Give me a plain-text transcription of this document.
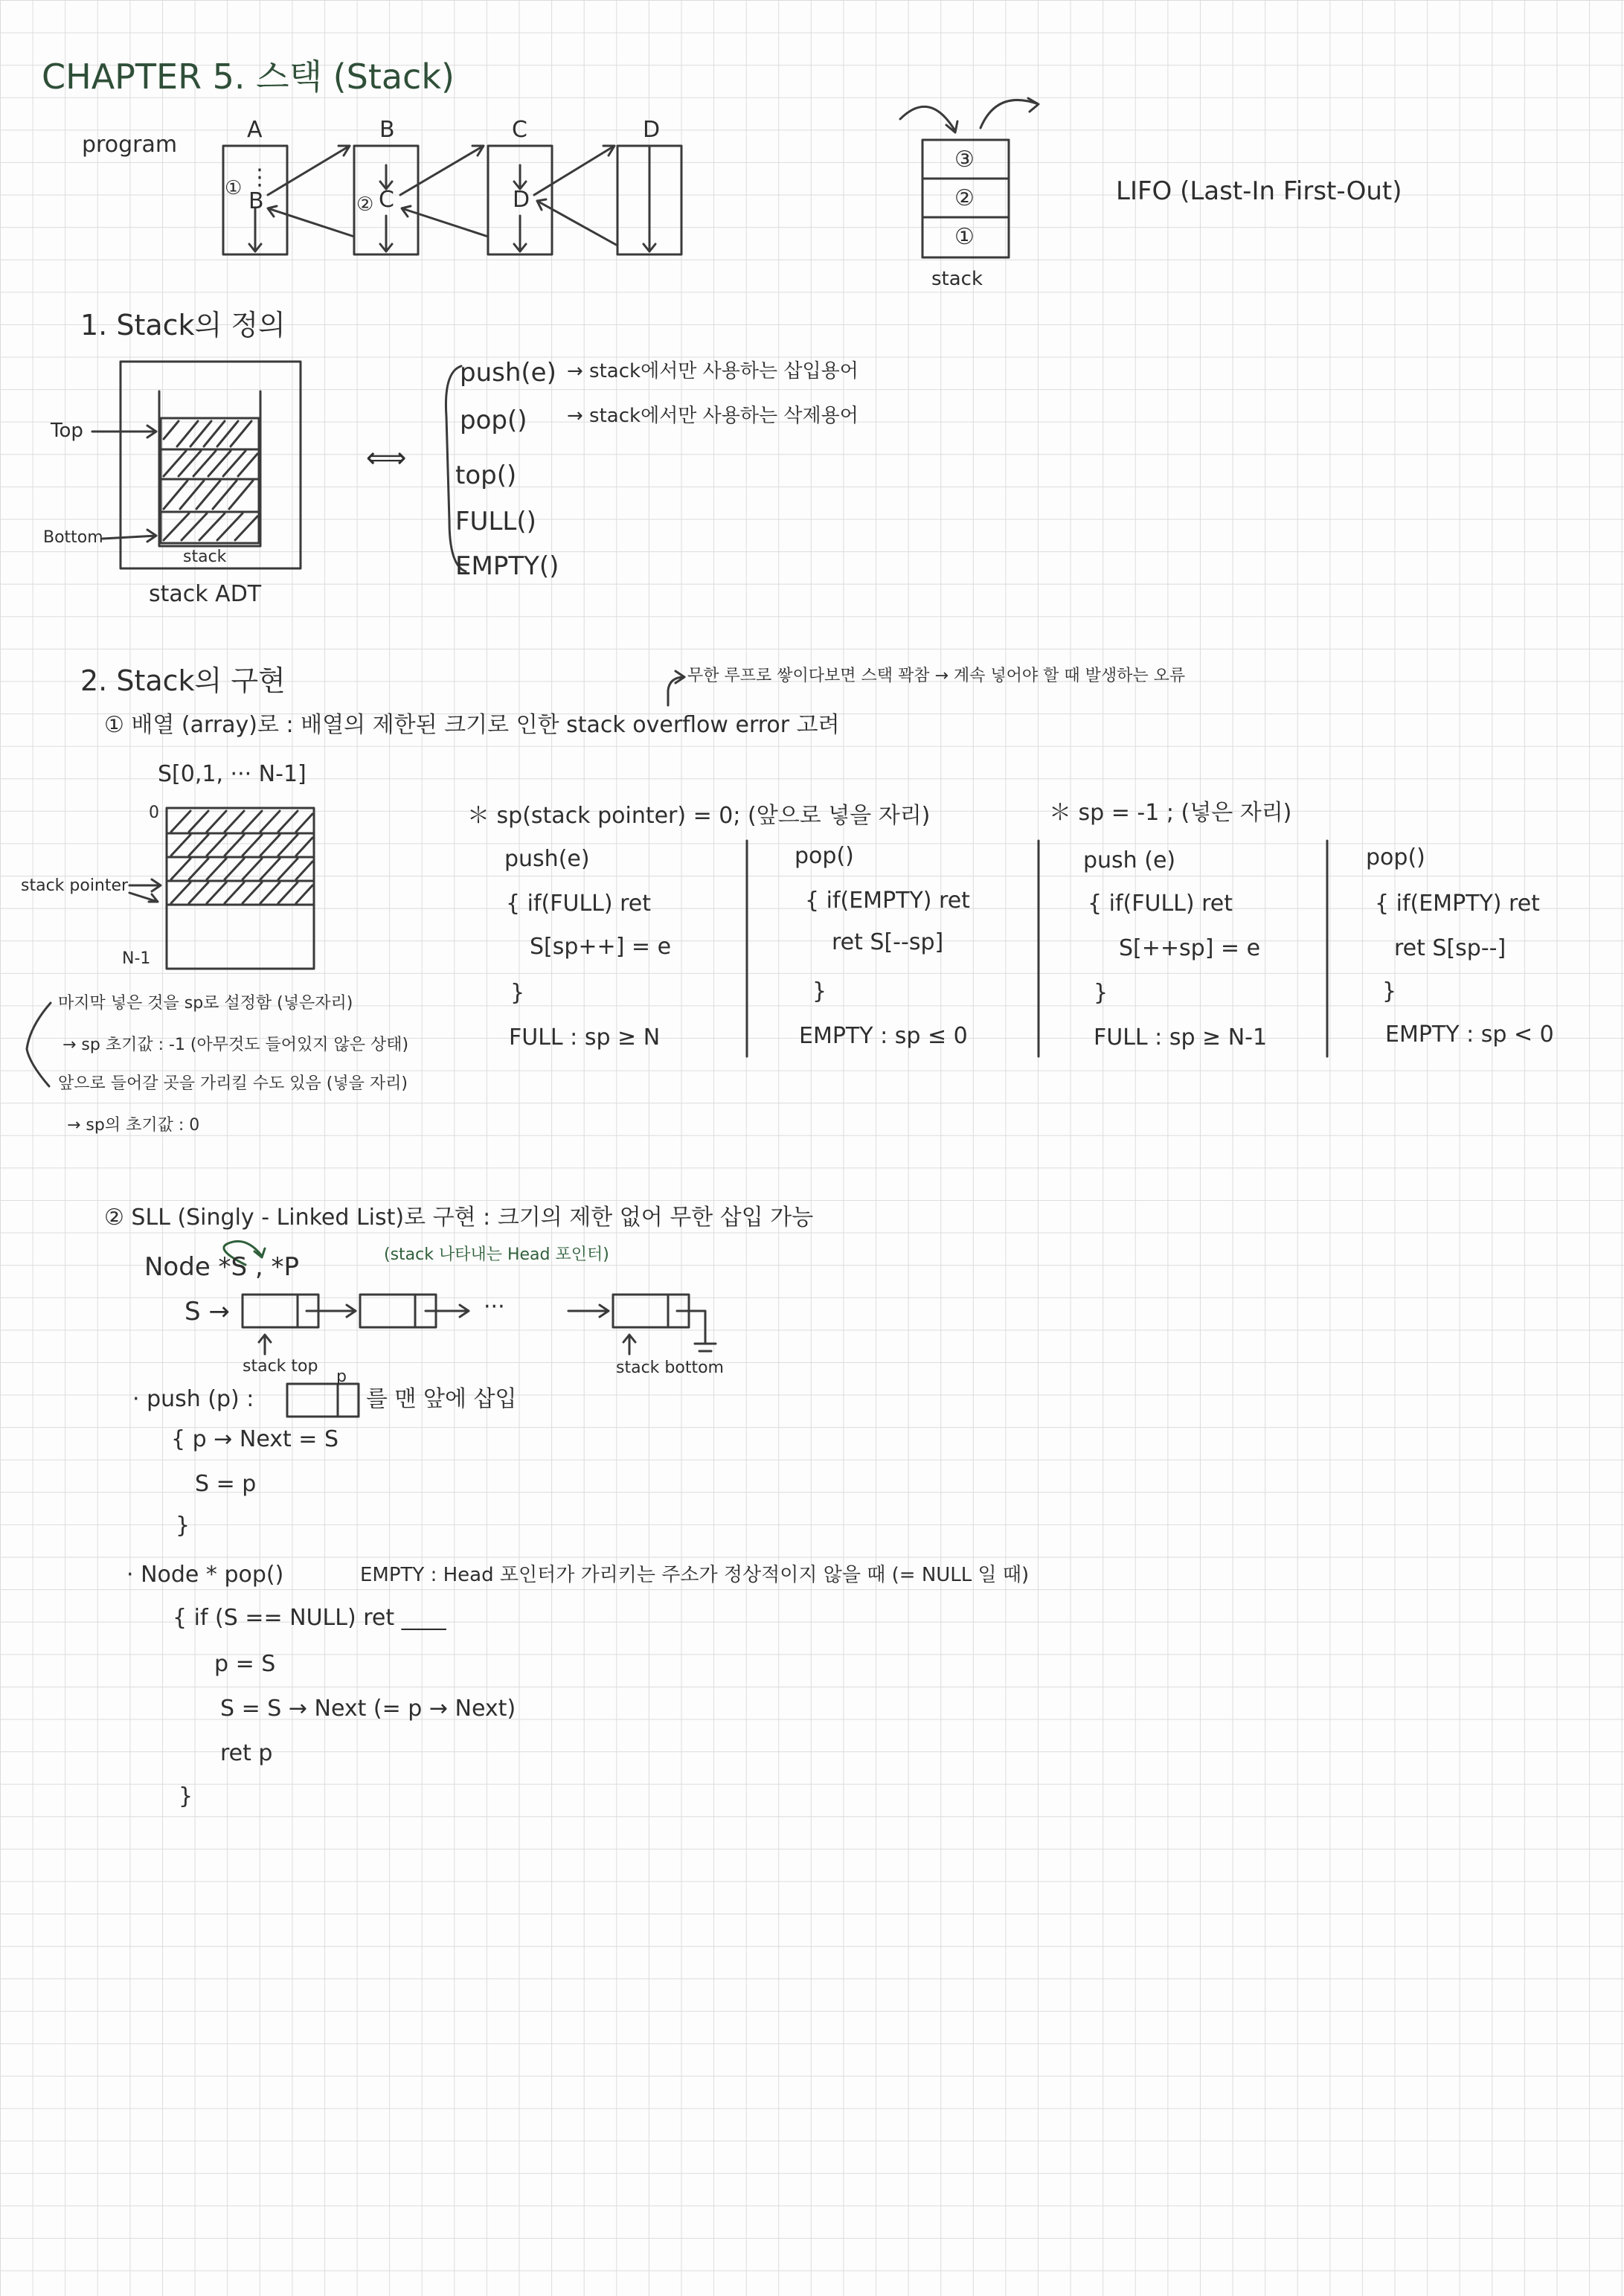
CHAPTER 5. 스택 (Stack)
program
A	B	C	D
⋮
B	C	D
①
②
③
②
①
stack
LIFO (Last-In First-Out)
1. Stack의 정의
Top
Bottom
stack
stack ADT
⟺
push(e)
pop()
top()
FULL()
EMPTY()
→ stack에서만 사용하는 삽입용어
→ stack에서만 사용하는 삭제용어
2. Stack의 구현	무한 루프로 쌓이다보면 스택 꽉참 → 계속 넣어야 할 때 발생하는 오류
① 배열 (array)로 : 배열의 제한된 크기로 인한 stack overflow error 고려
S[0,1, ··· N-1]
0
N-1
stack pointer
＊ sp(stack pointer) = 0; (앞으로 넣을 자리)	＊ sp = -1 ; (넣은 자리)
push(e)
{ if(FULL) ret
S[sp++] = e
}
FULL : sp ≥ N
pop()
{ if(EMPTY) ret
ret S[--sp]
}
EMPTY : sp ≤ 0
push (e)
{ if(FULL) ret
S[++sp] = e
}
FULL : sp ≥ N-1
pop()
{ if(EMPTY) ret
ret S[sp--]
}
EMPTY : sp < 0
마지막 넣은 것을 sp로 설정함 (넣은자리)
→ sp 초기값 : -1 (아무것도 들어있지 않은 상태)
앞으로 들어갈 곳을 가리킬 수도 있음 (넣을 자리)
→ sp의 초기값 : 0
② SLL (Singly - Linked List)로 구현 : 크기의 제한 없어 무한 삽입 가능
Node *S , *P	(stack 나타내는 Head 포인터)
S →	···
stack top
p	stack bottom
· push (p) :	를 맨 앞에 삽입
{ p → Next = S
S = p
}
· Node * pop()	EMPTY : Head 포인터가 가리키는 주소가 정상적이지 않을 때 (= NULL 일 때)
{ if (S == NULL) ret ____
p = S
S = S → Next (= p → Next)
ret p
}
